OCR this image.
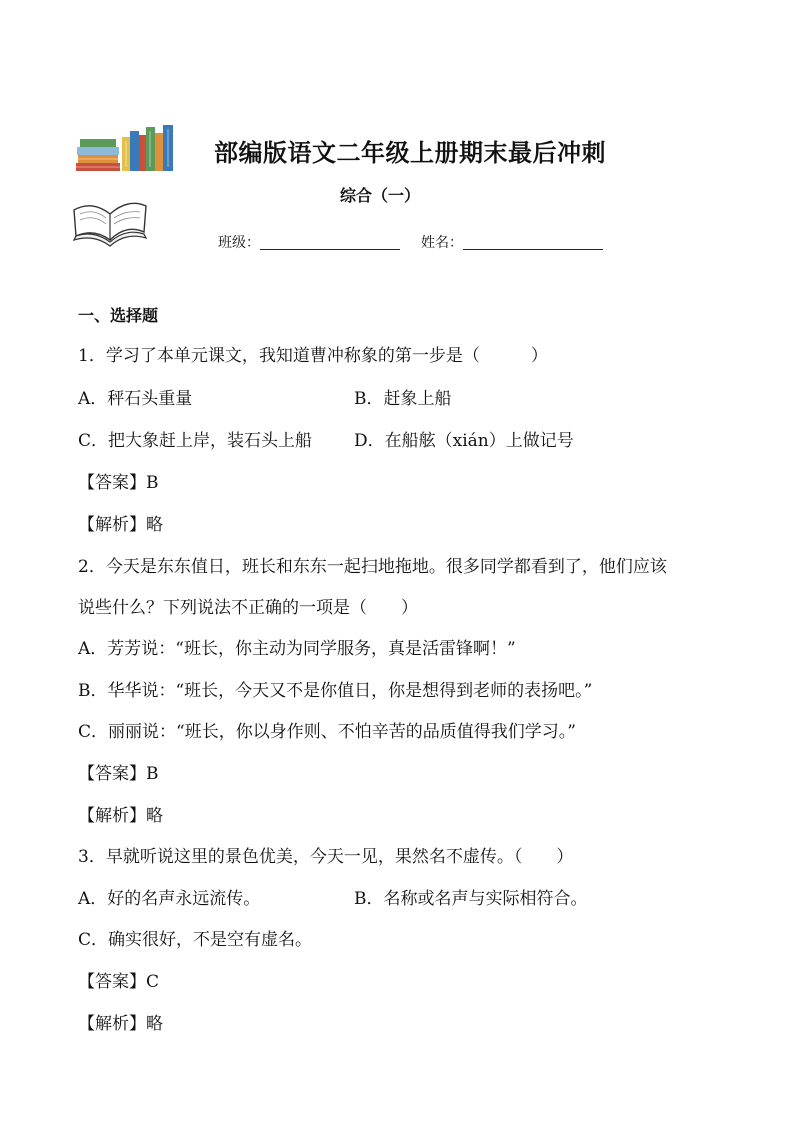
部编版语文二年级上册期末最后冲刺
综合（一）
班级：	姓名：
一、选择题
1．学习了本单元课文，我知道曹冲称象的第一步是（　　　）
A．秤石头重量	B．赶象上船
C．把大象赶上岸，装石头上船 D．在船舷（xián）上做记号
【答案】B
【解析】略
2．今天是东东值日，班长和东东一起扫地拖地。很多同学都看到了，他们应该
说些什么？下列说法不正确的一项是（　　）
A．芳芳说：“班长，你主动为同学服务，真是活雷锋啊！”
B．华华说：“班长，今天又不是你值日，你是想得到老师的表扬吧。”
C．丽丽说：“班长，你以身作则、不怕辛苦的品质值得我们学习。”
【答案】B
【解析】略
3．早就听说这里的景色优美，今天一见，果然名不虚传。（　　）
A．好的名声永远流传。	B．名称或名声与实际相符合。
C．确实很好，不是空有虚名。
【答案】C
【解析】略
